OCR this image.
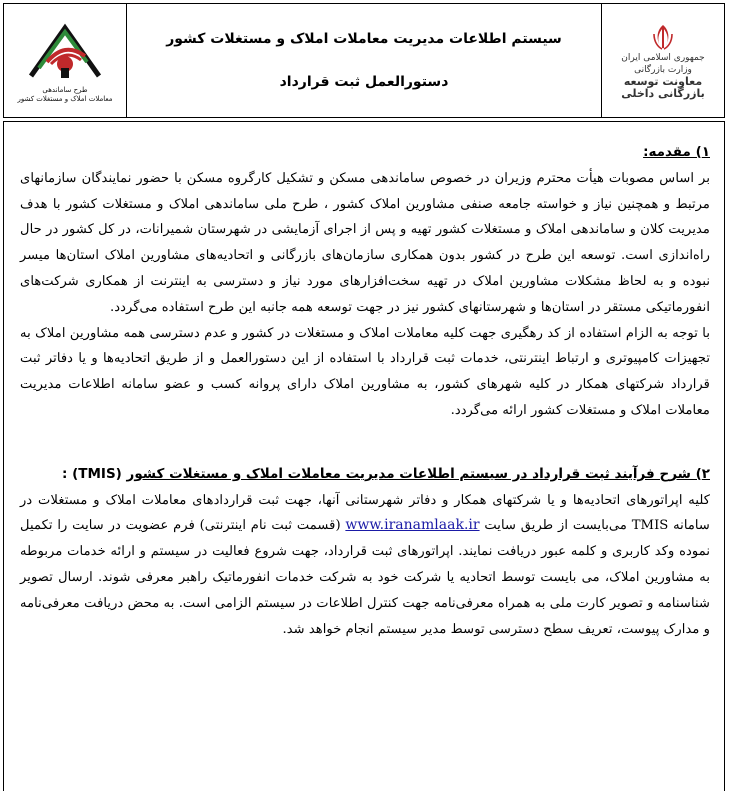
طرح ساماندهی
معاملات املاک و مستغلات کشور
سیستم اطلاعات مدیریت معاملات املاک و مستغلات کشور
دستورالعمل ثبت قرارداد
جمهوری اسلامی ایران
وزارت بازرگانی
معاونت توسعه بازرگانی داخلی
۱) مقدمه:

بر اساس مصوبات هیأت محترم وزیران در خصوص ساماندهی مسکن و تشکیل کارگروه مسکن با حضور نمایندگان سازمانهای مرتبط و همچنین نیاز و خواسته جامعه صنفی مشاورین املاک کشور ، طرح ملی ساماندهی املاک و مستغلات کشور با هدف مدیریت کلان و ساماندهی املاک و مستغلات کشور تهیه و پس از اجرای آزمایشی در شهرستان شمیرانات، در کل کشور در حال راه‌اندازی است. توسعه این طرح در کشور بدون همکاری سازمان‌های بازرگانی و اتحادیه‌های مشاورین املاک استان‌ها میسر نبوده و به لحاظ مشکلات مشاورین املاک در تهیه سخت‌افزارهای مورد نیاز و دسترسی به اینترنت از همکاری شرکت‌های انفورماتیکی مستقر در استان‌ها و شهرستانهای کشور نیز در جهت توسعه همه جانبه این طرح استفاده می‌گردد.

با توجه به الزام استفاده از کد رهگیری جهت کلیه معاملات املاک و مستغلات در کشور و عدم دسترسی همه مشاورین املاک به تجهیزات کامپیوتری و ارتباط اینترنتی، خدمات ثبت قرارداد با استفاده از این دستورالعمل و از طریق اتحادیه‌ها و یا دفاتر ثبت قرارداد شرکتهای همکار در کلیه شهرهای کشور، به مشاورین املاک دارای پروانه کسب و عضو سامانه اطلاعات مدیریت معاملات املاک و مستغلات کشور ارائه می‌گردد.

۲) شرح فرآیند ثبت قرارداد در سیستم اطلاعات مدیریت معاملات املاک و مستغلات کشور (TMIS) :

کلیه اپراتورهای اتحادیه‌ها و یا شرکتهای همکار و دفاتر شهرستانی آنها، جهت ثبت قراردادهای معاملات املاک و مستغلات در سامانه TMIS می‌بایست از طریق سایت www.iranamlaak.ir (قسمت ثبت نام اینترنتی) فرم عضویت در سایت را تکمیل نموده وکد کاربری و کلمه عبور دریافت نمایند. اپراتورهای ثبت قرارداد، جهت شروع فعالیت در سیستم و ارائه خدمات مربوطه به مشاورین املاک، می بایست توسط اتحادیه یا شرکت خود به شرکت خدمات انفورماتیک راهبر معرفی شوند. ارسال تصویر شناسنامه و تصویر کارت ملی به همراه معرفی‌نامه جهت کنترل اطلاعات در سیستم الزامی است. به محض دریافت معرفی‌نامه و مدارک پیوست، تعریف سطح دسترسی توسط مدیر سیستم انجام خواهد شد.
